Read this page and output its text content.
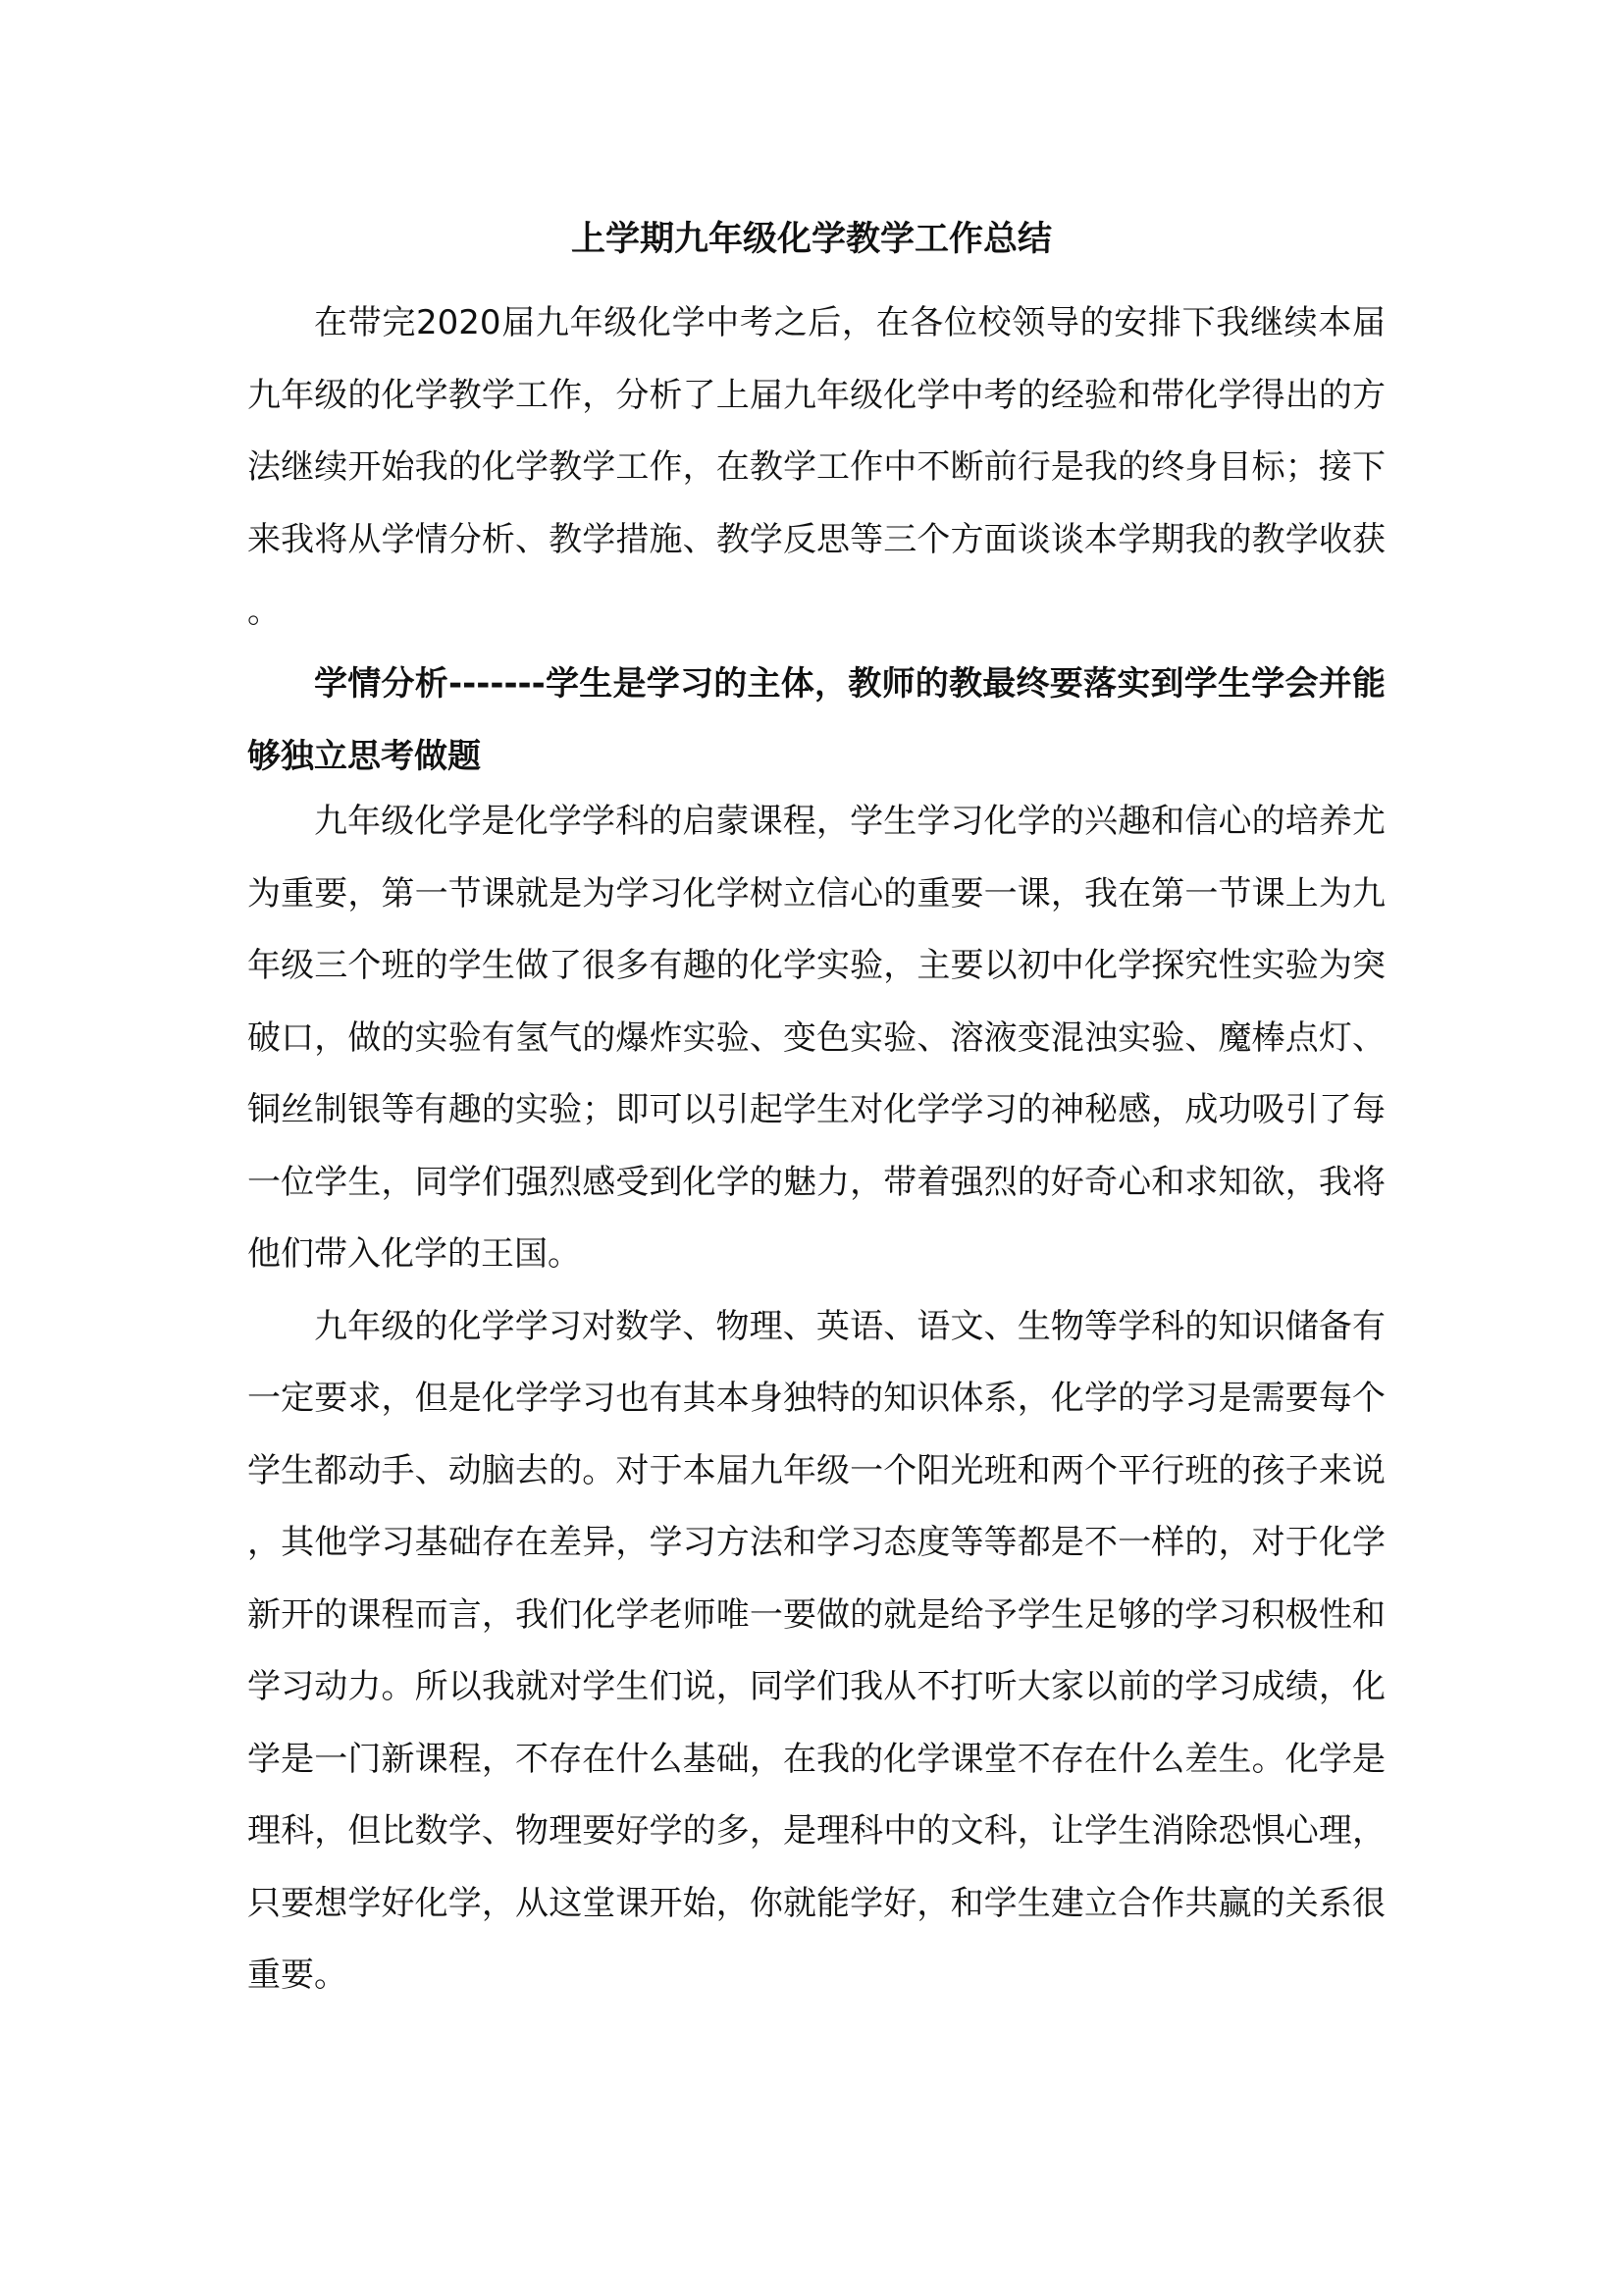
上学期九年级化学教学工作总结

在带完2020届九年级化学中考之后，在各位校领导的安排下我继续本届九年级的化学教学工作，分析了上届九年级化学中考的经验和带化学得出的方法继续开始我的化学教学工作，在教学工作中不断前行是我的终身目标；接下来我将从学情分析、教学措施、教学反思等三个方面谈谈本学期我的教学收获。

学情分析-------学生是学习的主体，教师的教最终要落实到学生学会并能够独立思考做题

九年级化学是化学学科的启蒙课程，学生学习化学的兴趣和信心的培养尤为重要，第一节课就是为学习化学树立信心的重要一课，我在第一节课上为九年级三个班的学生做了很多有趣的化学实验，主要以初中化学探究性实验为突破口，做的实验有氢气的爆炸实验、变色实验、溶液变混浊实验、魔棒点灯、铜丝制银等有趣的实验；即可以引起学生对化学学习的神秘感，成功吸引了每一位学生，同学们强烈感受到化学的魅力，带着强烈的好奇心和求知欲，我将他们带入化学的王国。

九年级的化学学习对数学、物理、英语、语文、生物等学科的知识储备有一定要求，但是化学学习也有其本身独特的知识体系，化学的学习是需要每个学生都动手、动脑去的。对于本届九年级一个阳光班和两个平行班的孩子来说，其他学习基础存在差异，学习方法和学习态度等等都是不一样的，对于化学新开的课程而言，我们化学老师唯一要做的就是给予学生足够的学习积极性和学习动力。所以我就对学生们说，同学们我从不打听大家以前的学习成绩，化学是一门新课程，不存在什么基础，在我的化学课堂不存在什么差生。化学是理科，但比数学、物理要好学的多，是理科中的文科，让学生消除恐惧心理，只要想学好化学，从这堂课开始，你就能学好，和学生建立合作共赢的关系很重要。
